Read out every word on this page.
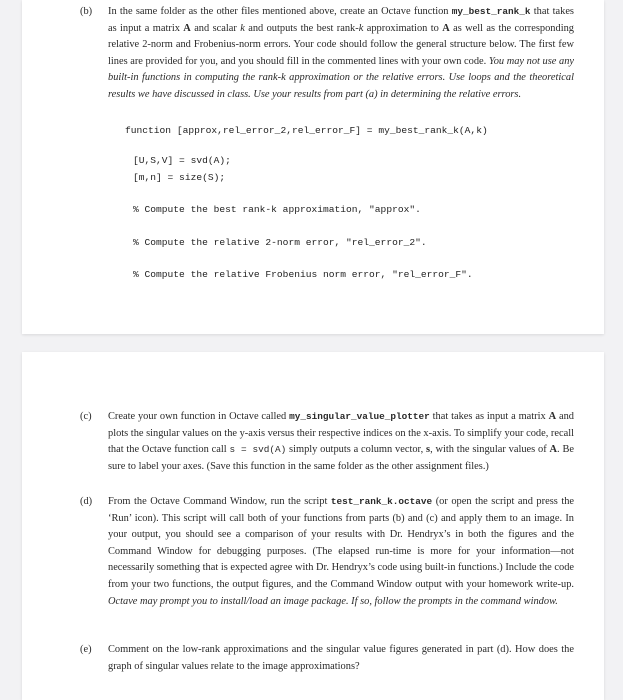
(b) In the same folder as the other files mentioned above, create an Octave function my_best_rank_k that takes as input a matrix A and scalar k and outputs the best rank-k approximation to A as well as the corresponding relative 2-norm and Frobenius-norm errors. Your code should follow the general structure below. The first few lines are provided for you, and you should fill in the commented lines with your own code. You may not use any built-in functions in computing the rank-k approximation or the relative errors. Use loops and the theoretical results we have discussed in class. Use your results from part (a) in determining the relative errors.
function [approx,rel_error_2,rel_error_F] = my_best_rank_k(A,k)
[U,S,V] = svd(A);
[m,n] = size(S);
% Compute the best rank-k approximation, "approx".
% Compute the relative 2-norm error, "rel_error_2".
% Compute the relative Frobenius norm error, "rel_error_F".
(c) Create your own function in Octave called my_singular_value_plotter that takes as input a matrix A and plots the singular values on the y-axis versus their respective indices on the x-axis. To simplify your code, recall that the Octave function call s = svd(A) simply outputs a column vector, s, with the singular values of A. Be sure to label your axes. (Save this function in the same folder as the other assignment files.)
(d) From the Octave Command Window, run the script test_rank_k.octave (or open the script and press the ‘Run’ icon). This script will call both of your functions from parts (b) and (c) and apply them to an image. In your output, you should see a comparison of your results with Dr. Hendryx’s in both the figures and the Command Window for debugging purposes. (The elapsed run-time is more for your information—not necessarily something that is expected agree with Dr. Hendryx’s code using built-in functions.) Include the code from your two functions, the output figures, and the Command Window output with your homework write-up. Octave may prompt you to install/load an image package. If so, follow the prompts in the command window.
(e) Comment on the low-rank approximations and the singular value figures generated in part (d). How does the graph of singular values relate to the image approximations?
